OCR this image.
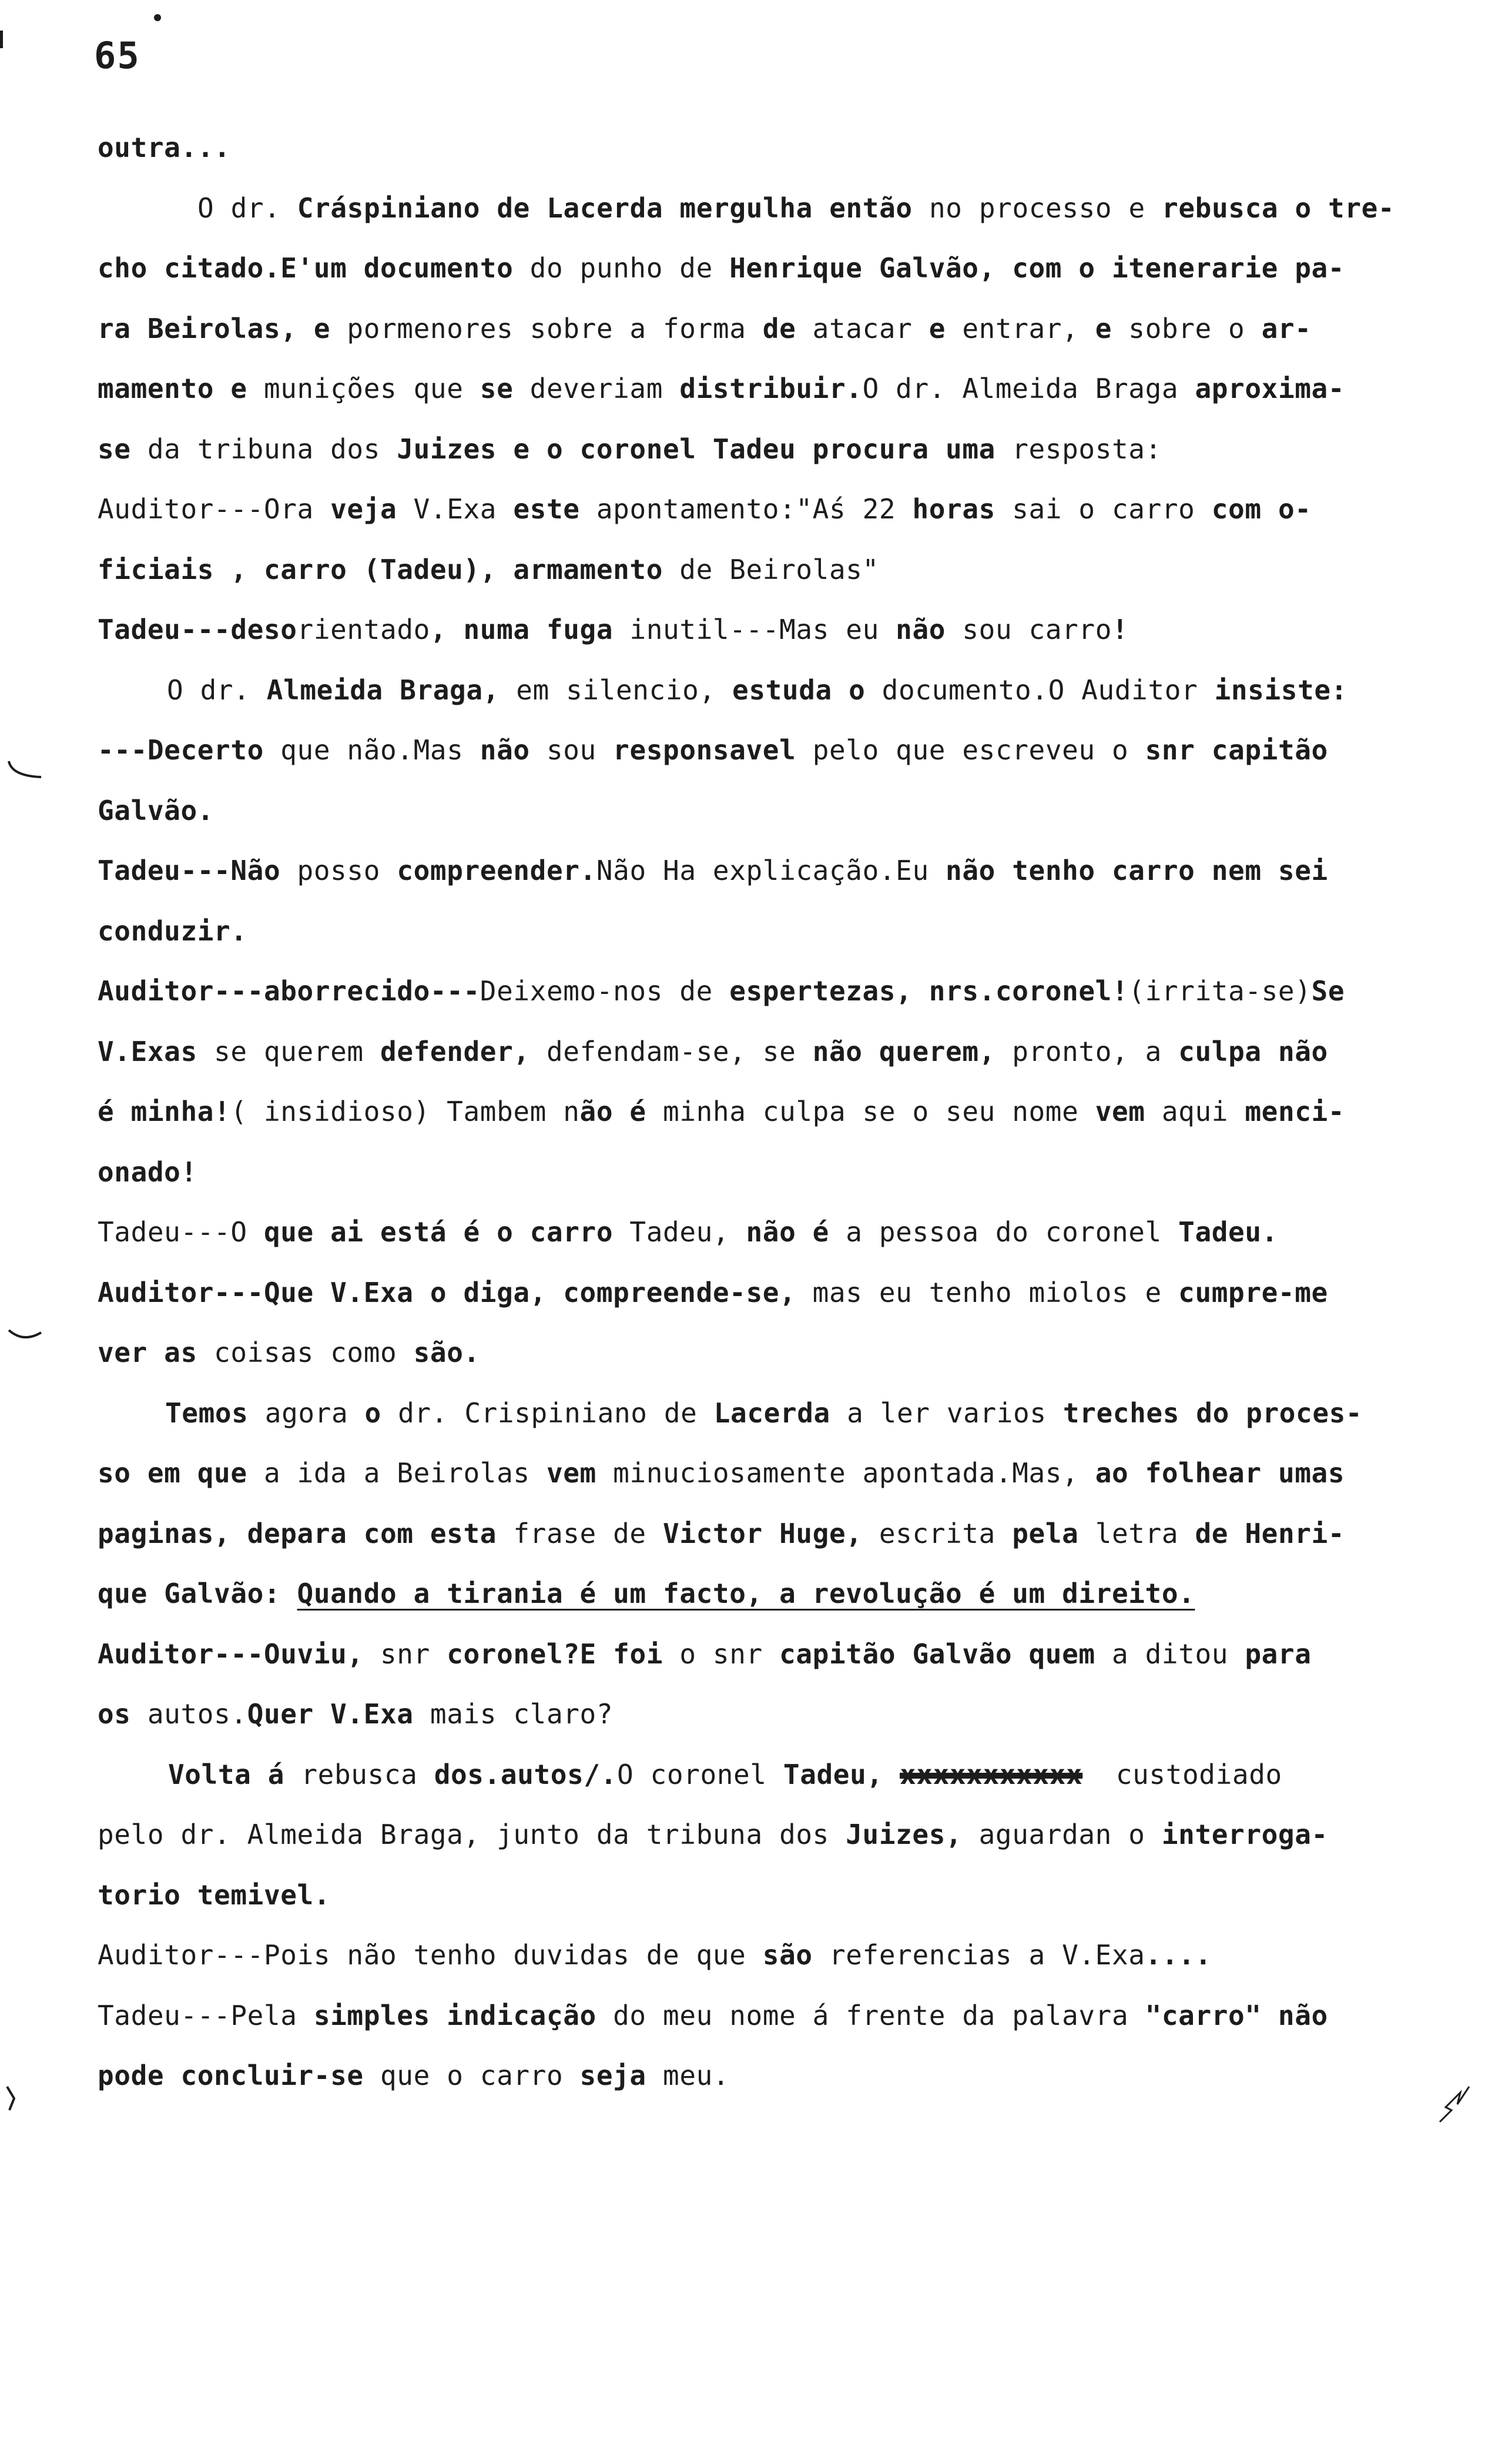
65
outra...
O dr. Cráspiniano de Lacerda mergulha então no processo e rebusca o tre-
cho citado.E'um documento do punho de Henrique Galvão, com o itenerarie pa-
ra Beirolas, e pormenores sobre a forma de atacar e entrar, e sobre o ar-
mamento e munições que se deveriam distribuir.O dr. Almeida Braga aproxima-
se da tribuna dos Juizes e o coronel Tadeu procura uma resposta:
Auditor---Ora veja V.Exa este apontamento:"Aś 22 horas sai o carro com o-
ficiais , carro (Tadeu), armamento de Beirolas"
Tadeu---desorientado, numa fuga inutil---Mas eu não sou carro!
O dr. Almeida Braga, em silencio, estuda o documento.O Auditor insiste:
---Decerto que não.Mas não sou responsavel pelo que escreveu o snr capitão
Galvão.
Tadeu---Não posso compreender.Não Ha explicação.Eu não tenho carro nem sei
conduzir.
Auditor---aborrecido---Deixemo-nos de espertezas, nrs.coronel!(irrita-se)Se
V.Exas se querem defender, defendam-se, se não querem, pronto, a culpa não
é minha!( insidioso) Tambem não é minha culpa se o seu nome vem aqui menci-
onado!
Tadeu---O que ai está é o carro Tadeu, não é a pessoa do coronel Tadeu.
Auditor---Que V.Exa o diga, compreende-se, mas eu tenho miolos e cumpre-me
ver as coisas como são.
Temos agora o dr. Crispiniano de Lacerda a ler varios treches do proces-
so em que a ida a Beirolas vem minuciosamente apontada.Mas, ao folhear umas
paginas, depara com esta frase de Victor Huge, escrita pela letra de Henri-
que Galvão: Quando a tirania é um facto, a revolução é um direito.
Auditor---Ouviu, snr coronel?E foi o snr capitão Galvão quem a ditou para
os autos.Quer V.Exa mais claro?
Volta á rebusca dos.autos/.O coronel Tadeu, xxxxxxxxxxx  custodiado
pelo dr. Almeida Braga, junto da tribuna dos Juizes, aguardan o interroga-
torio temivel.
Auditor---Pois não tenho duvidas de que são referencias a V.Exa....
Tadeu---Pela simples indicação do meu nome á frente da palavra "carro" não
pode concluir-se que o carro seja meu.
